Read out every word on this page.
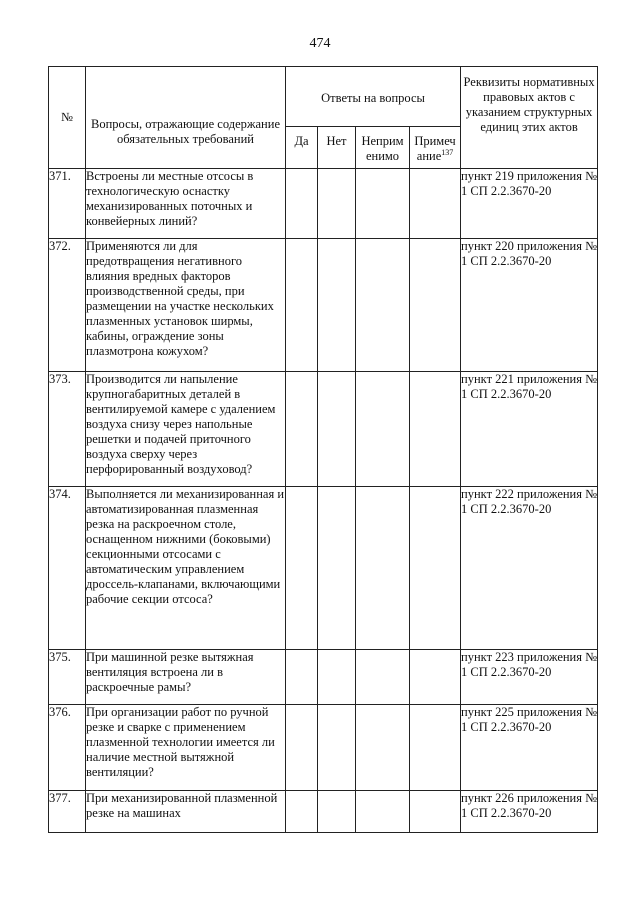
474
№	Вопросы, отражающие содержание обязательных требований	Ответы на вопросы				Реквизиты нормативных правовых актов с указанием структурных единиц этих актов
		Да	Нет	Неприм енимо	Примеч ание$^{137}$
371.	Встроены ли местные отсосы в технологическую оснастку механизированных поточных и конвейерных линий?					пункт 219 приложения № 1 СП 2.2.3670-20
372.	Применяются ли для предотвращения негативного влияния вредных факторов производственной среды, при размещении на участке нескольких плазменных установок ширмы, кабины, ограждение зоны плазмотрона кожухом?					пункт 220 приложения № 1 СП 2.2.3670-20
373.	Производится ли напыление крупногабаритных деталей в вентилируемой камере с удалением воздуха снизу через напольные решетки и подачей приточного воздуха сверху через перфорированный воздуховод?					пункт 221 приложения № 1 СП 2.2.3670-20
374.	Выполняется ли механизированная и автоматизированная плазменная резка на раскроечном столе, оснащенном нижними (боковыми) секционными отсосами с автоматическим управлением дроссель-клапанами, включающими рабочие секции отсоса?					пункт 222 приложения № 1 СП 2.2.3670-20
375.	При машинной резке вытяжная вентиляция встроена ли в раскроечные рамы?					пункт 223 приложения № 1 СП 2.2.3670-20
376.	При организации работ по ручной резке и сварке с применением плазменной технологии имеется ли наличие местной вытяжной вентиляции?					пункт 225 приложения № 1 СП 2.2.3670-20
377.	При механизированной плазменной резке на машинах					пункт 226 приложения № 1 СП 2.2.3670-20
